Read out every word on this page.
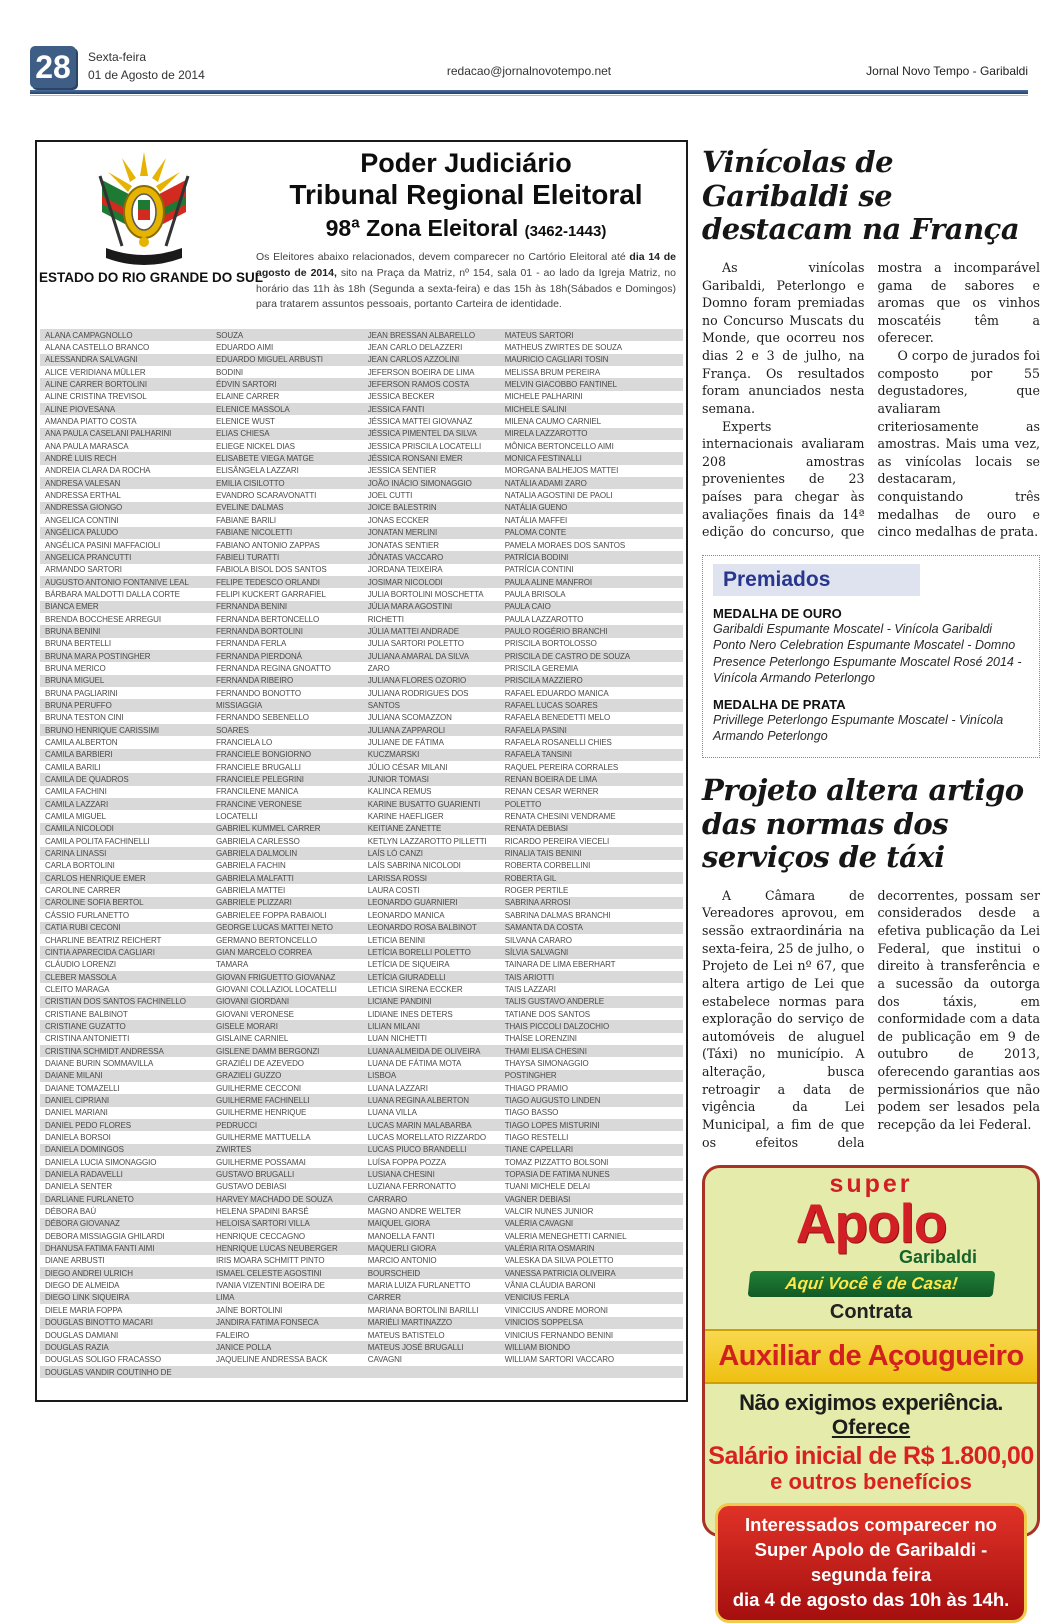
28	Sexta-feira
01 de Agosto de 2014	redacao@jornalnovotempo.net	Jornal Novo Tempo - Garibaldi
ESTADO DO RIO GRANDE DO SUL
Poder Judiciário
Tribunal Regional Eleitoral
98ª Zona Eleitoral (3462-1443)
Os Eleitores abaixo relacionados, devem comparecer no Cartório Eleitoral até dia 14 de agosto de 2014, sito na Praça da Matriz, nº 154, sala 01 - ao lado da Igreja Matriz, no horário das 11h às 18h (Segunda a sexta-feira) e das 15h às 18h(Sábados e Domingos) para tratarem assuntos pessoais, portanto Carteira de identidade.
ALANA CAMPAGNOLLO	SOUZA	JEAN BRESSAN ALBARELLO	MATEUS SARTORI
ALANA CASTELLO BRANCO	EDUARDO AIMI	JEAN CARLO DELAZZERI	MATHEUS ZWIRTES DE SOUZA
ALESSANDRA SALVAGNI	EDUARDO MIGUEL ARBUSTI	JEAN CARLOS AZZOLINI	MAURICIO CAGLIARI TOSIN
ALICE VERIDIANA MÜLLER	BODINI	JEFERSON BOEIRA DE LIMA	MELISSA BRUM PEREIRA
ALINE CARRER BORTOLINI	ÉDVIN SARTORI	JEFERSON RAMOS COSTA	MELVIN GIACOBBO FANTINEL
ALINE CRISTINA TREVISOL	ELAINE CARRER	JESSICA BECKER	MICHELE PALHARINI
ALINE PIOVESANA	ELENICE MASSOLA	JESSICA FANTI	MICHELE SALINI
AMANDA PIATTO COSTA	ELENICE WUST	JÉSSICA MATTEI GIOVANAZ	MILENA CAUMO CARNIEL
ANA PAULA CASELANI PALHARINI	ELIAS CHIESA	JÉSSICA PIMENTEL DA SILVA	MIRELA LAZZAROTTO
ANA PAULA MARASCA	ELIEGE NICKEL DIAS	JESSICA PRISCILA LOCATELLI	MÔNICA BERTONCELLO AIMI
ANDRÉ LUIS RECH	ELISABETE VIEGA MATGE	JÉSSICA RONSANI EMER	MONICA FESTINALLI
ANDREIA CLARA DA ROCHA	ELISÂNGELA LAZZARI	JESSICA SENTIER	MORGANA BALHEJOS MATTEI
ANDRESA VALESAN	EMILIA CISILOTTO	JOÃO INÁCIO SIMONAGGIO	NATÁLIA ADAMI ZARO
ANDRESSA ERTHAL	EVANDRO SCARAVONATTI	JOEL CUTTI	NATALIA AGOSTINI DE PAOLI
ANDRESSA GIONGO	EVELINE DALMAS	JOICE BALESTRIN	NATÁLIA GUENO
ANGELICA CONTINI	FABIANE BARILI	JONAS ECCKER	NATÁLIA MAFFEI
ANGÉLICA PALUDO	FABIANE NICOLETTI	JONATAN MERLINI	PALOMA CONTE
ANGÉLICA PASINI MAFFACIOLI	FABIANO ANTONIO ZAPPAS	JONATAS SENTIER	PAMELA MORAES DOS SANTOS
ANGELICA PRANCUTTI	FABIELI TURATTI	JÔNATAS VACCARO	PATRÍCIA BODINI
ARMANDO SARTORI	FABIOLA BISOL DOS SANTOS	JORDANA TEIXEIRA	PATRÍCIA CONTINI
AUGUSTO ANTONIO FONTANIVE LEAL	FELIPE TEDESCO ORLANDI	JOSIMAR NICOLODI	PAULA ALINE MANFROI
BÁRBARA MALDOTTI DALLA CORTE	FELIPI KUCKERT GARRAFIEL	JULIA BORTOLINI MOSCHETTA	PAULA BRISOLA
BIANCA EMER	FERNANDA BENINI	JÚLIA MARA AGOSTINI	PAULA CAIO
BRENDA BOCCHESE ARREGUI	FERNANDA BERTONCELLO	RICHETTI	PAULA LAZZAROTTO
BRUNA BENINI	FERNANDA BORTOLINI	JÚLIA MATTEI ANDRADE	PAULO ROGÉRIO BRANCHI
BRUNA BERTELLI	FERNANDA FERLA	JULIA SARTORI POLETTO	PRISCILA BORTOLOSSO
BRUNA MARA POSTINGHER	FERNANDA PIERDONÁ	JULIANA AMARAL DA SILVA	PRISCILA DE CASTRO DE SOUZA
BRUNA MERICO	FERNANDA REGINA GNOATTO	ZARO	PRISCILA GEREMIA
BRUNA MIGUEL	FERNANDA RIBEIRO	JULIANA FLORES OZORIO	PRISCILA MAZZIERO
BRUNA PAGLIARINI	FERNANDO BONOTTO	JULIANA RODRIGUES DOS	RAFAEL EDUARDO MANICA
BRUNA PERUFFO	MISSIAGGIA	SANTOS	RAFAEL LUCAS SOARES
BRUNA TESTON CINI	FERNANDO SEBENELLO	JULIANA SCOMAZZON	RAFAELA BENEDETTI MELO
BRUNO HENRIQUE CARISSIMI	SOARES	JULIANA ZAPPAROLI	RAFAELA PASINI
CAMILA ALBERTON	FRANCIELA LO	JULIANE DE FÁTIMA	RAFAELA ROSANELLI CHIES
CAMILA BARBIERI	FRANCIELE BONGIORNO	KUCZMARSKI	RAFAELA TANSINI
CAMILA BARILI	FRANCIELE BRUGALLI	JÚLIO CÉSAR MILANI	RAQUEL PEREIRA CORRALES
CAMILA DE QUADROS	FRANCIELE PELEGRINI	JUNIOR TOMASI	RENAN BOEIRA DE LIMA
CAMILA FACHINI	FRANCILENE MANICA	KALINCA REMUS	RENAN CESAR WERNER
CAMILA LAZZARI	FRANCINE VERONESE	KARINE BUSATTO GUARIENTI	POLETTO
CAMILA MIGUEL	LOCATELLI	KARINE HAEFLIGER	RENATA CHESINI VENDRAME
CAMILA NICOLODI	GABRIEL KUMMEL CARRER	KEITIANE ZANETTE	RENATA DEBIASI
CAMILA POLITA FACHINELLI	GABRIELA CARLESSO	KETLYN LAZZAROTTO PILLETTI	RICARDO PEREIRA VIECELI
CARINA LINASSI	GABRIELA DALMOLIN	LAÍS LÓ CANZI	RINALIA TAIS BENINI
CARLA BORTOLINI	GABRIELA FACHIN	LAÍS SABRINA NICOLODI	ROBERTA CORBELLINI
CARLOS HENRIQUE EMER	GABRIELA MALFATTI	LARISSA ROSSI	ROBERTA GIL
CAROLINE CARRER	GABRIELA MATTEI	LAURA COSTI	ROGER PERTILE
CAROLINE SOFIA BERTOL	GABRIELE PLIZZARI	LEONARDO GUARNIERI	SABRINA ARROSI
CÁSSIO FURLANETTO	GABRIELEE FOPPA RABAIOLI	LEONARDO MANICA	SABRINA DALMAS BRANCHI
CATIA RUBI CECONI	GEORGE LUCAS MATTEI NETO	LEONARDO ROSA BALBINOT	SAMANTA DA COSTA
CHARLINE BEATRIZ REICHERT	GERMANO BERTONCELLO	LETICIA BENINI	SILVANA CARARO
CINTIA APARECIDA CAGLIARI	GIAN MARCELO CORREA	LETÍCIA BORELLI POLETTO	SÍLVIA SALVAGNI
CLÁUDIO LORENZI	TAMARA	LETÍCIA DE SIQUEIRA	TAINARA DE LIMA EBERHART
CLEBER MASSOLA	GIOVAN FRIGUETTO GIOVANAZ	LETÍCIA GIURADELLI	TAIS ARIOTTI
CLEITO MARAGA	GIOVANI COLLAZIOL LOCATELLI	LETICIA SIRENA ECCKER	TAIS LAZZARI
CRISTIAN DOS SANTOS FACHINELLO	GIOVANI GIORDANI	LICIANE PANDINI	TALIS GUSTAVO ANDERLE
CRISTIANE BALBINOT	GIOVANI VERONESE	LIDIANE INES DETERS	TATIANE DOS SANTOS
CRISTIANE GUZATTO	GISELE MORARI	LILIAN MILANI	THAIS PICCOLI DALZOCHIO
CRISTINA ANTONIETTI	GISLAINE CARNIEL	LUAN NICHETTI	THAÍSE LORENZINI
CRISTINA SCHMIDT ANDRESSA	GISLENE DAMM BERGONZI	LUANA ALMEIDA DE OLIVEIRA	THAMI ELISA CHESINI
DAIANE BURIN SOMMAVILLA	GRAZIÉLI DE AZEVEDO	LUANA DE FÁTIMA MOTA	THAYSA SIMONAGGIO
DAIANE MILANI	GRAZIELI GUZZO	LISBOA	POSTINGHER
DAIANE TOMAZELLI	GUILHERME CECCONI	LUANA LAZZARI	THIAGO PRAMIO
DANIEL CIPRIANI	GUILHERME FACHINELLI	LUANA REGINA ALBERTON	TIAGO AUGUSTO LINDEN
DANIEL MARIANI	GUILHERME HENRIQUE	LUANA VILLA	TIAGO BASSO
DANIEL PEDO FLORES	PEDRUCCI	LUCAS MARIN MALABARBA	TIAGO LOPES MISTURINI
DANIELA BORSOI	GUILHERME MATTUELLA	LUCAS MORELLATO RIZZARDO	TIAGO RESTELLI
DANIELA DOMINGOS	ZWIRTES	LUCAS PIUCO BRANDELLI	TIANE CAPELLARI
DANIELA LUCIA SIMONAGGIO	GUILHERME POSSAMAI	LUÍSA FOPPA POZZA	TOMAZ PIZZATTO BOLSONI
DANIELA RADAVELLI	GUSTAVO BRUGALLI	LUSIANA CHESINI	TOPASIA DE FATIMA NUNES
DANIELA SENTER	GUSTAVO DEBIASI	LUZIANA FERRONATTO	TUANI MICHELE DELAI
DARLIANE FURLANETO	HARVEY MACHADO DE SOUZA	CARRARO	VAGNER DEBIASI
DÉBORA BAÚ	HELENA SPADINI BARSÉ	MAGNO ANDRE WELTER	VALCIR NUNES JUNIOR
DÉBORA GIOVANAZ	HELOISA SARTORI VILLA	MAIQUEL GIORA	VALÉRIA CAVAGNI
DEBORA MISSIAGGIA GHILARDI	HENRIQUE CECCAGNO	MANOELLA FANTI	VALERIA MENEGHETTI CARNIEL
DHANUSA FATIMA FANTI AIMI	HENRIQUE LUCAS NEUBERGER	MAQUERLI GIORA	VALÉRIA RITA OSMARIN
DIANE ARBUSTI	IRIS MOARA SCHMITT PINTO	MARCIO ANTONIO	VALESKA DA SILVA POLETTO
DIEGO ANDREI ULRICH	ISMAEL CELESTE AGOSTINI	BOURSCHEID	VANESSA PATRICIA OLIVEIRA
DIEGO DE ALMEIDA	IVANIA VIZENTINI BOEIRA DE	MARIA LUIZA FURLANETTO	VÂNIA CLÁUDIA BARONI
DIEGO LINK SIQUEIRA	LIMA	CARRER	VENICIUS FERLA
DIELE MARIA FOPPA	JAÍNE BORTOLINI	MARIANA BORTOLINI BARILLI	VINICCIUS ANDRE MORONI
DOUGLAS BINOTTO MACARI	JANDIRA FATIMA FONSECA	MARIÉLI MARTINAZZO	VINICIOS SOPPELSA
DOUGLAS DAMIANI	FALEIRO	MATEUS BATISTELO	VINICIUS FERNANDO BENINI
DOUGLAS RAZIA	JANICE POLLA	MATEUS JOSÉ BRUGALLI	WILLIAM BIONDO
DOUGLAS SOLIGO FRACASSO	JAQUELINE ANDRESSA BACK	CAVAGNI	WILLIAM SARTORI VACCARO
DOUGLAS VANDIR COUTINHO DE
Vinícolas de Garibaldi se destacam na França

As vinícolas Garibaldi, Peterlongo e Domno foram premiadas no Concurso Muscats du Monde, que ocorreu nos dias 2 e 3 de julho, na França. Os resultados foram anunciados nesta semana.

Experts internacionais avaliaram 208 amostras provenientes de 23 países para chegar às avaliações finais da 14ª edição do concurso, que mostra a incomparável gama de sabores e aromas que os vinhos moscatéis têm a oferecer.

O corpo de jurados foi composto por 55 degustadores, que avaliaram criteriosamente as amostras. Mais uma vez, as vinícolas locais se destacaram, conquistando três medalhas de ouro e cinco medalhas de prata.

Premiados
MEDALHA DE OURO
Garibaldi Espumante Moscatel - Vinícola Garibaldi
Ponto Nero Celebration Espumante Moscatel - Domno
Presence Peterlongo Espumante Moscatel Rosé 2014 - Vinícola Armando Peterlongo
MEDALHA DE PRATA
Privillege Peterlongo Espumante Moscatel - Vinícola Armando Peterlongo
Projeto altera artigo das normas dos serviços de táxi

A Câmara de Vereadores aprovou, em sessão extraordinária na sexta-feira, 25 de julho, o Projeto de Lei nº 67, que altera artigo de Lei que estabelece normas para exploração do serviço de automóveis de aluguel (Táxi) no município. A alteração, busca retroagir a data de vigência da Lei Municipal, a fim de que os efeitos dela decorrentes, possam ser considerados desde a efetiva publicação da Lei Federal, que institui o direito à transferência e a sucessão da outorga dos táxis, em conformidade com a data de publicação em 9 de outubro de 2013, oferecendo garantias aos permissionários que não podem ser lesados pela recepção da lei Federal.

super
Apolo
Garibaldi
Aqui Você é de Casa!
Contrata
Auxiliar de Açougueiro
Não exigimos experiência.
Oferece
Salário inicial de R$ 1.800,00
e outros benefícios
Interessados comparecer no
Super Apolo de Garibaldi - segunda feira
dia 4 de agosto das 10h às 14h.
